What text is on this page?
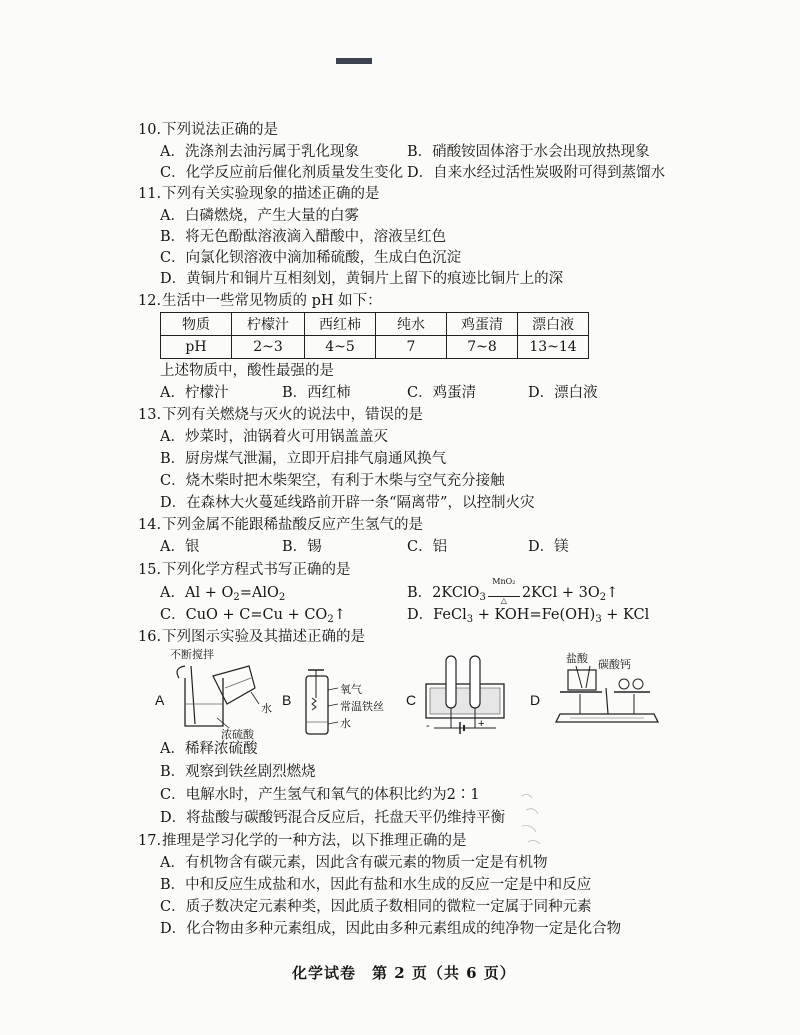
10.下列说法正确的是
A．洗涤剂去油污属于乳化现象	B．硝酸铵固体溶于水会出现放热现象
C．化学反应前后催化剂质量发生变化 D．自来水经过活性炭吸附可得到蒸馏水
11.下列有关实验现象的描述正确的是
A．白磷燃烧，产生大量的白雾
B．将无色酚酞溶液滴入醋酸中，溶液呈红色
C．向氯化钡溶液中滴加稀硫酸，生成白色沉淀
D．黄铜片和铜片互相刻划，黄铜片上留下的痕迹比铜片上的深
12.生活中一些常见物质的 pH 如下：
物质	柠檬汁	西红柿	纯水	鸡蛋清	漂白液
pH	2~3	4~5	7	7~8	13~14
上述物质中，酸性最强的是
A．柠檬汁	B．西红柿	C．鸡蛋清	D．漂白液
13.下列有关燃烧与灭火的说法中，错误的是
A．炒菜时，油锅着火可用锅盖盖灭
B．厨房煤气泄漏，立即开启排气扇通风换气
C．烧木柴时把木柴架空，有利于木柴与空气充分接触
D．在森林大火蔓延线路前开辟一条“隔离带”，以控制火灾
14.下列金属不能跟稀盐酸反应产生氢气的是
A．银	B．锡	C．铝	D．镁
15.下列化学方程式书写正确的是
A．$Al + O_2=AlO_2$	B．2KClO$_3$
MnO₂
△	$2KCl + 3O_2↑$
C．CuO + $C=Cu + CO_2↑$	D．FeCl$_3$ + $KOH=Fe(OH)_3$ + KCl
16.下列图示实验及其描述正确的是
不断搅拌
A
水
浓硫酸
B
氧气
常温铁丝
水
C
-	+
D
盐酸 碳酸钙
A．稀释浓硫酸
B．观察到铁丝剧烈燃烧
C．电解水时，产生氢气和氧气的体积比约为2∶1
D．将盐酸与碳酸钙混合反应后，托盘天平仍维持平衡
17.推理是学习化学的一种方法，以下推理正确的是
A．有机物含有碳元素，因此含有碳元素的物质一定是有机物
B．中和反应生成盐和水，因此有盐和水生成的反应一定是中和反应
C．质子数决定元素种类，因此质子数相同的微粒一定属于同种元素
D．化合物由多种元素组成，因此由多种元素组成的纯净物一定是化合物
化学试卷　第 2 页（共 6 页）
